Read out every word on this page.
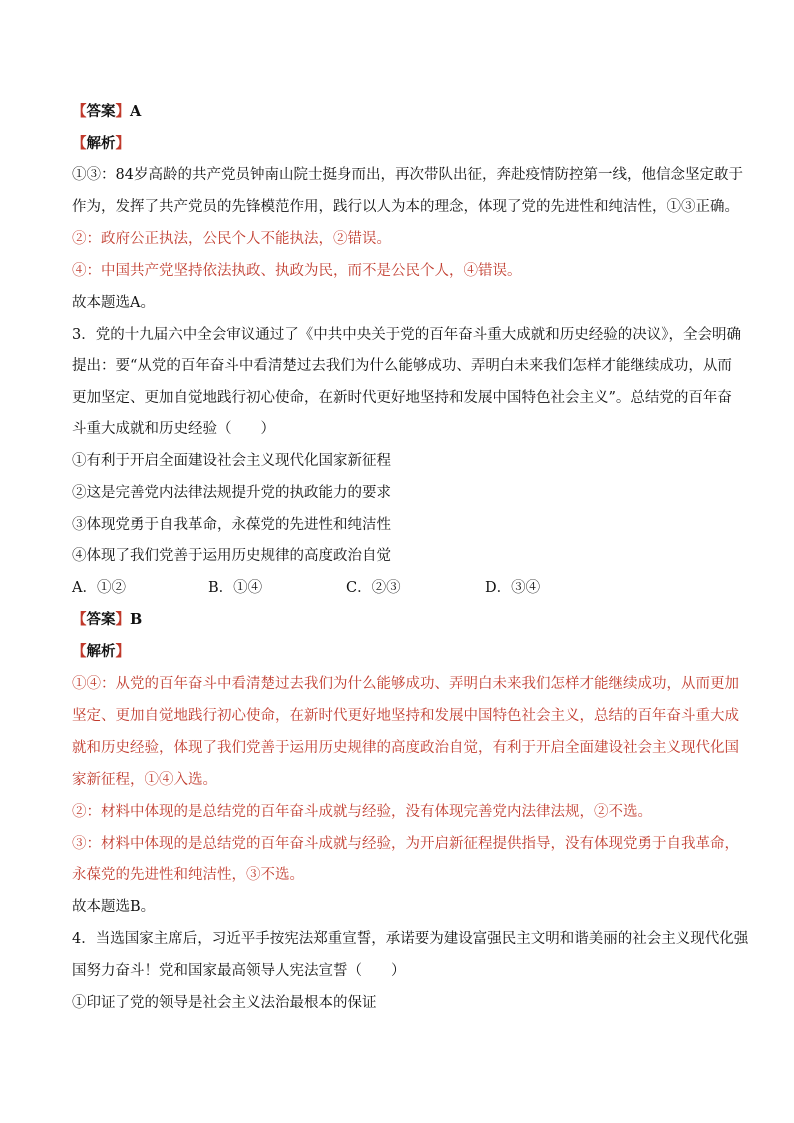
【答案】A
【解析】
①③：84岁高龄的共产党员钟南山院士挺身而出，再次带队出征，奔赴疫情防控第一线，他信念坚定敢于
作为，发挥了共产党员的先锋模范作用，践行以人为本的理念，体现了党的先进性和纯洁性，①③正确。
②：政府公正执法，公民个人不能执法，②错误。
④：中国共产党坚持依法执政、执政为民，而不是公民个人，④错误。
故本题选A。
3．党的十九届六中全会审议通过了《中共中央关于党的百年奋斗重大成就和历史经验的决议》，全会明确
提出：要“从党的百年奋斗中看清楚过去我们为什么能够成功、弄明白未来我们怎样才能继续成功，从而
更加坚定、更加自觉地践行初心使命，在新时代更好地坚持和发展中国特色社会主义”。总结党的百年奋
斗重大成就和历史经验（　　）
①有利于开启全面建设社会主义现代化国家新征程
②这是完善党内法律法规提升党的执政能力的要求
③体现党勇于自我革命，永葆党的先进性和纯洁性
④体现了我们党善于运用历史规律的高度政治自觉
A．①②	B．①④	C．②③	D．③④
【答案】B
【解析】
①④：从党的百年奋斗中看清楚过去我们为什么能够成功、弄明白未来我们怎样才能继续成功，从而更加
坚定、更加自觉地践行初心使命，在新时代更好地坚持和发展中国特色社会主义，总结的百年奋斗重大成
就和历史经验，体现了我们党善于运用历史规律的高度政治自觉，有利于开启全面建设社会主义现代化国
家新征程，①④入选。
②：材料中体现的是总结党的百年奋斗成就与经验，没有体现完善党内法律法规，②不选。
③：材料中体现的是总结党的百年奋斗成就与经验，为开启新征程提供指导，没有体现党勇于自我革命，
永葆党的先进性和纯洁性，③不选。
故本题选B。
4．当选国家主席后，习近平手按宪法郑重宣誓，承诺要为建设富强民主文明和谐美丽的社会主义现代化强
国努力奋斗！党和国家最高领导人宪法宣誓（　　）
①印证了党的领导是社会主义法治最根本的保证
